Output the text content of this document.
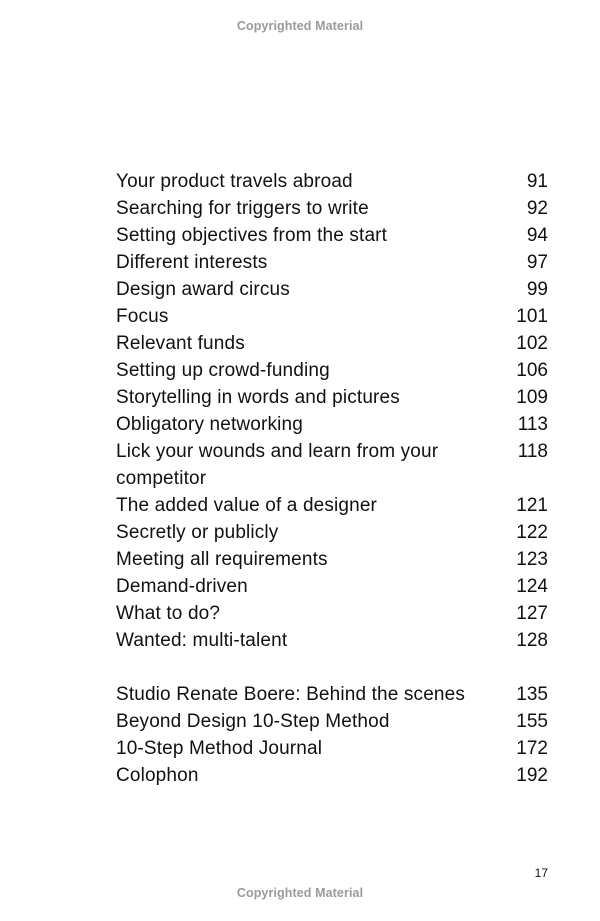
Copyrighted Material
Your product travels abroad	91
Searching for triggers to write	92
Setting objectives from the start	94
Different interests	97
Design award circus	99
Focus	101
Relevant funds	102
Setting up crowd-funding	106
Storytelling in words and pictures	109
Obligatory networking	113
Lick your wounds and learn from your competitor
118
The added value of a designer	121
Secretly or publicly	122
Meeting all requirements	123
Demand-driven	124
What to do?	127
Wanted: multi-talent	128
Studio Renate Boere: Behind the scenes	135
Beyond Design 10-Step Method	155
10-Step Method Journal	172
Colophon	192
17
Copyrighted Material
